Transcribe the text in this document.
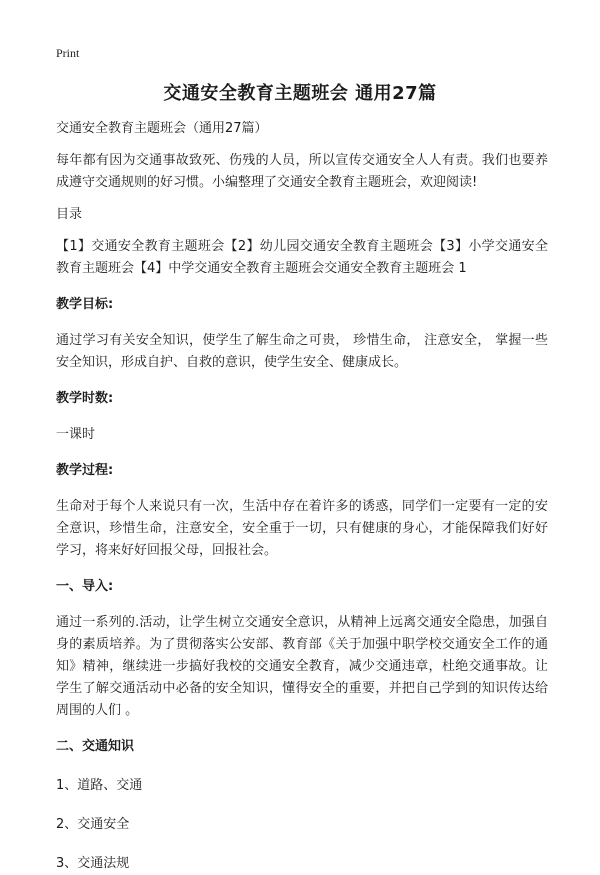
Print
交通安全教育主题班会 通用27篇

交通安全教育主题班会（通用27篇）

每年都有因为交通事故致死、伤残的人员，所以宣传交通安全人人有责。我们也要养成遵守交通规则的好习惯。小编整理了交通安全教育主题班会，欢迎阅读!

目录

【1】交通安全教育主题班会【2】幼儿园交通安全教育主题班会【3】小学交通安全教育主题班会【4】中学交通安全教育主题班会交通安全教育主题班会 1

教学目标:

通过学习有关安全知识，使学生了解生命之可贵， 珍惜生命， 注意安全， 掌握一些安全知识，形成自护、自救的意识，使学生安全、健康成长。

教学时数:

一课时

教学过程:

生命对于每个人来说只有一次，生活中存在着许多的诱惑，同学们一定要有一定的安全意识，珍惜生命，注意安全，安全重于一切，只有健康的身心，才能保障我们好好学习，将来好好回报父母，回报社会。

一、导入:

通过一系列的.活动，让学生树立交通安全意识，从精神上远离交通安全隐患，加强自身的素质培养。为了贯彻落实公安部、教育部《关于加强中职学校交通安全工作的通知》精神，继续进一步搞好我校的交通安全教育，减少交通违章，杜绝交通事故。让学生了解交通活动中必备的安全知识，懂得安全的重要，并把自己学到的知识传达给周围的人们 。

二、交通知识

1、道路、交通

2、交通安全

3、交通法规
